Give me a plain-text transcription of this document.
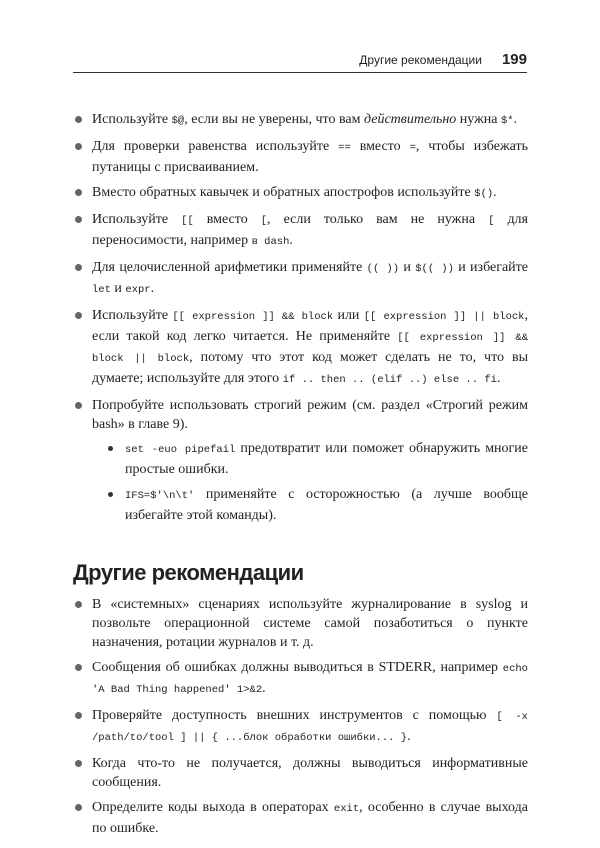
Другие рекомендации 199
Используйте $@, если вы не уверены, что вам действительно нужна $*.
Для проверки равенства используйте == вместо =, чтобы избежать путаницы с присваиванием.
Вместо обратных кавычек и обратных апострофов используйте $().
Используйте [[ вместо [, если только вам не нужна [ для переносимости, например в dash.
Для целочисленной арифметики применяйте (( )) и $(( )) и избегайте let и expr.
Используйте [[ expression ]] && block или [[ expression ]] || block, если такой код легко читается. Не применяйте [[ expression ]] && block || block, потому что этот код может сделать не то, что вы думаете; используйте для этого if .. then .. (elif ..) else .. fi.
Попробуйте использовать строгий режим (см. раздел «Строгий режим bash» в главе 9).
set -euo pipefail предотвратит или поможет обнаружить многие простые ошибки.
IFS=$'\n\t' применяйте с осторожностью (а лучше вообще избегайте этой команды).
Другие рекомендации
В «системных» сценариях используйте журналирование в syslog и позвольте операционной системе самой позаботиться о пункте назначения, ротации журналов и т. д.
Сообщения об ошибках должны выводиться в STDERR, например echo 'A Bad Thing happened' 1>&2.
Проверяйте доступность внешних инструментов с помощью [ -x /path/to/tool ] || { ...блок обработки ошибки... }.
Когда что-то не получается, должны выводиться информативные сообщения.
Определите коды выхода в операторах exit, особенно в случае выхода по ошибке.
